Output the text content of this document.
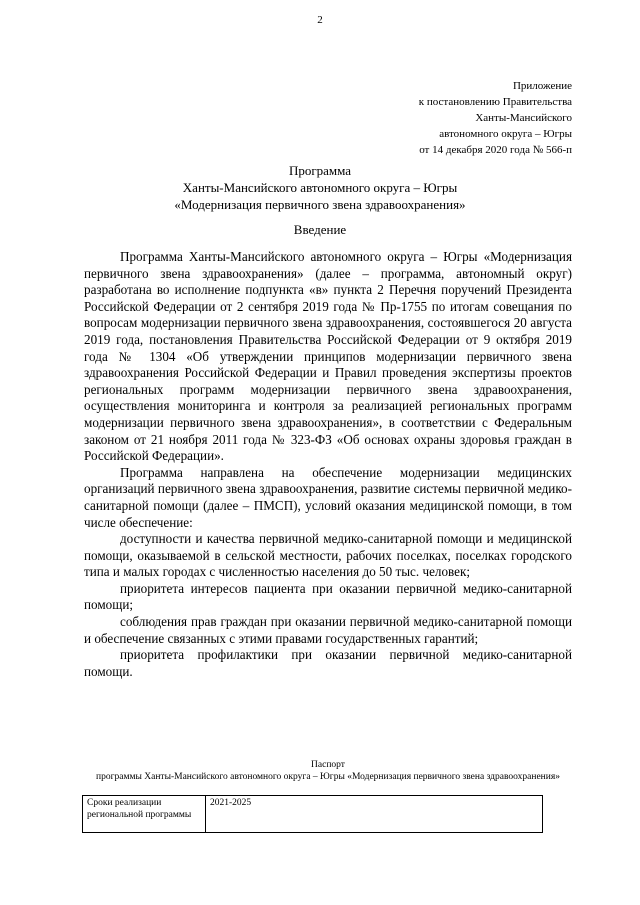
2
Приложение
к постановлению Правительства
Ханты-Мансийского
автономного округа – Югры
от 14 декабря 2020 года № 566-п
Программа
Ханты-Мансийского автономного округа – Югры
«Модернизация первичного звена здравоохранения»
Введение

Программа Ханты-Мансийского автономного округа – Югры «Модернизация первичного звена здравоохранения» (далее – программа, автономный округ) разработана во исполнение подпункта «в» пункта 2 Перечня поручений Президента Российской Федерации от 2 сентября 2019 года № Пр-1755 по итогам совещания по вопросам модернизации первичного звена здравоохранения, состоявшегося 20 августа 2019 года, постановления Правительства Российской Федерации от 9 октября 2019 года № 1304 «Об утверждении принципов модернизации первичного звена здравоохранения Российской Федерации и Правил проведения экспертизы проектов региональных программ модернизации первичного звена здравоохранения, осуществления мониторинга и контроля за реализацией региональных программ модернизации первичного звена здравоохранения», в соответствии с Федеральным законом от 21 ноября 2011 года № 323-ФЗ «Об основах охраны здоровья граждан в Российской Федерации».

Программа направлена на обеспечение модернизации медицинских организаций первичного звена здравоохранения, развитие системы первичной медико-санитарной помощи (далее – ПМСП), условий оказания медицинской помощи, в том числе обеспечение:

доступности и качества первичной медико-санитарной помощи и медицинской помощи, оказываемой в сельской местности, рабочих поселках, поселках городского типа и малых городах с численностью населения до 50 тыс. человек;

приоритета интересов пациента при оказании первичной медико-санитарной помощи;

соблюдения прав граждан при оказании первичной медико-санитарной помощи и обеспечение связанных с этими правами государственных гарантий;

приоритета профилактики при оказании первичной медико-санитарной помощи.

Паспорт
программы Ханты-Мансийского автономного округа – Югры «Модернизация первичного звена здравоохранения»
Сроки реализации региональной программы	2021-2025
